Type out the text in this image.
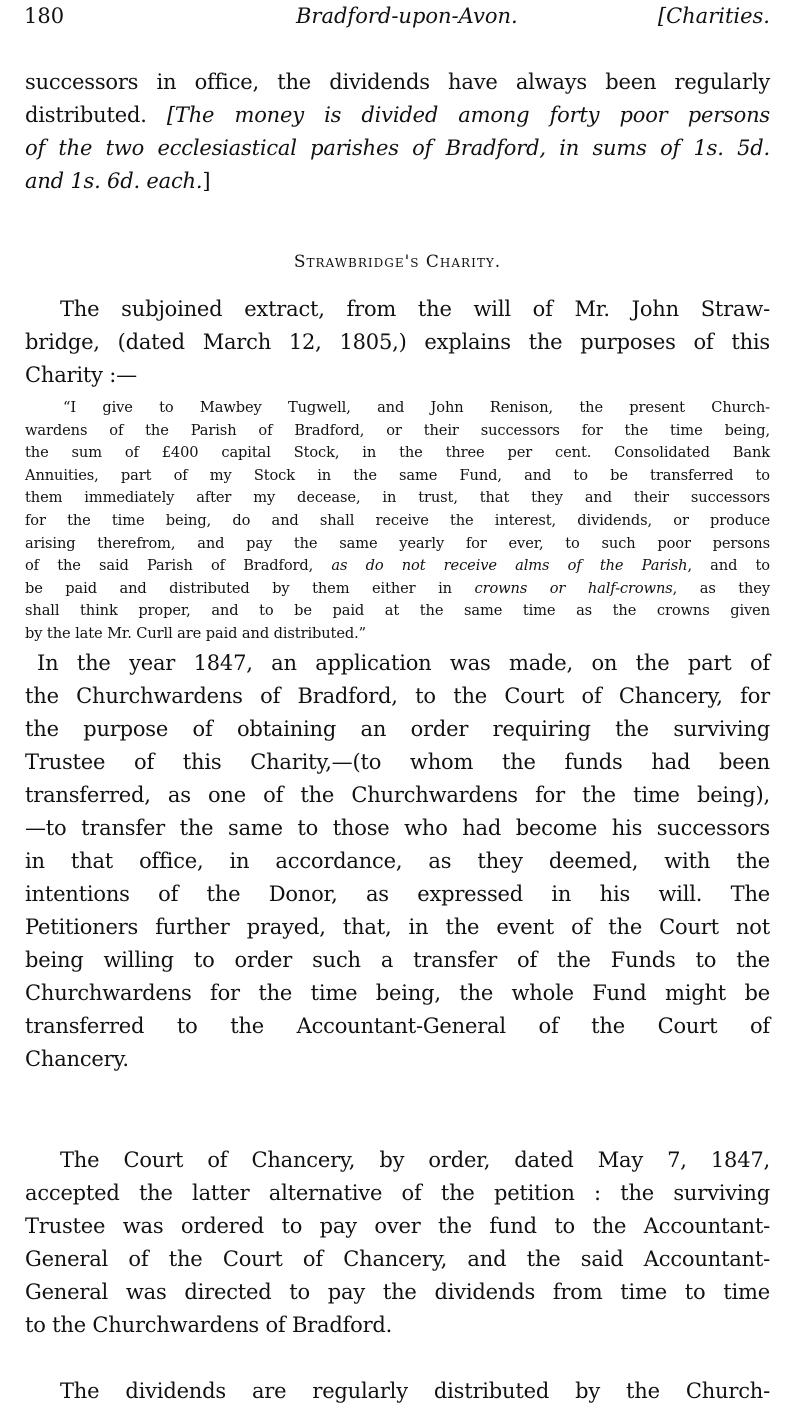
180	Bradford-upon-Avon.	[Charities.
successors in office, the dividends have always been regularly
distributed. [The money is divided among forty poor persons
of the two ecclesiastical parishes of Bradford, in sums of 1s. 5d.
and 1s. 6d. each.]
Strawbridge's Charity.
The subjoined extract, from the will of Mr. John Straw-
bridge, (dated March 12, 1805,) explains the purposes of this
Charity :—
“I give to Mawbey Tugwell, and John Renison, the present Church-
wardens of the Parish of Bradford, or their successors for the time being,
the sum of £400 capital Stock, in the three per cent. Consolidated Bank
Annuities, part of my Stock in the same Fund, and to be transferred to
them immediately after my decease, in trust, that they and their successors
for the time being, do and shall receive the interest, dividends, or produce
arising therefrom, and pay the same yearly for ever, to such poor persons
of the said Parish of Bradford, as do not receive alms of the Parish, and to
be paid and distributed by them either in crowns or half-crowns, as they
shall think proper, and to be paid at the same time as the crowns given
by the late Mr. Curll are paid and distributed.”
In the year 1847, an application was made, on the part of
the Churchwardens of Bradford, to the Court of Chancery, for
the purpose of obtaining an order requiring the surviving
Trustee of this Charity,—(to whom the funds had been
transferred, as one of the Churchwardens for the time being),
—to transfer the same to those who had become his successors
in that office, in accordance, as they deemed, with the
intentions of the Donor, as expressed in his will. The
Petitioners further prayed, that, in the event of the Court not
being willing to order such a transfer of the Funds to the
Churchwardens for the time being, the whole Fund might be
transferred to the Accountant-General of the Court of
Chancery.
The Court of Chancery, by order, dated May 7, 1847,
accepted the latter alternative of the petition : the surviving
Trustee was ordered to pay over the fund to the Accountant-
General of the Court of Chancery, and the said Accountant-
General was directed to pay the dividends from time to time
to the Churchwardens of Bradford.
The dividends are regularly distributed by the Church-
